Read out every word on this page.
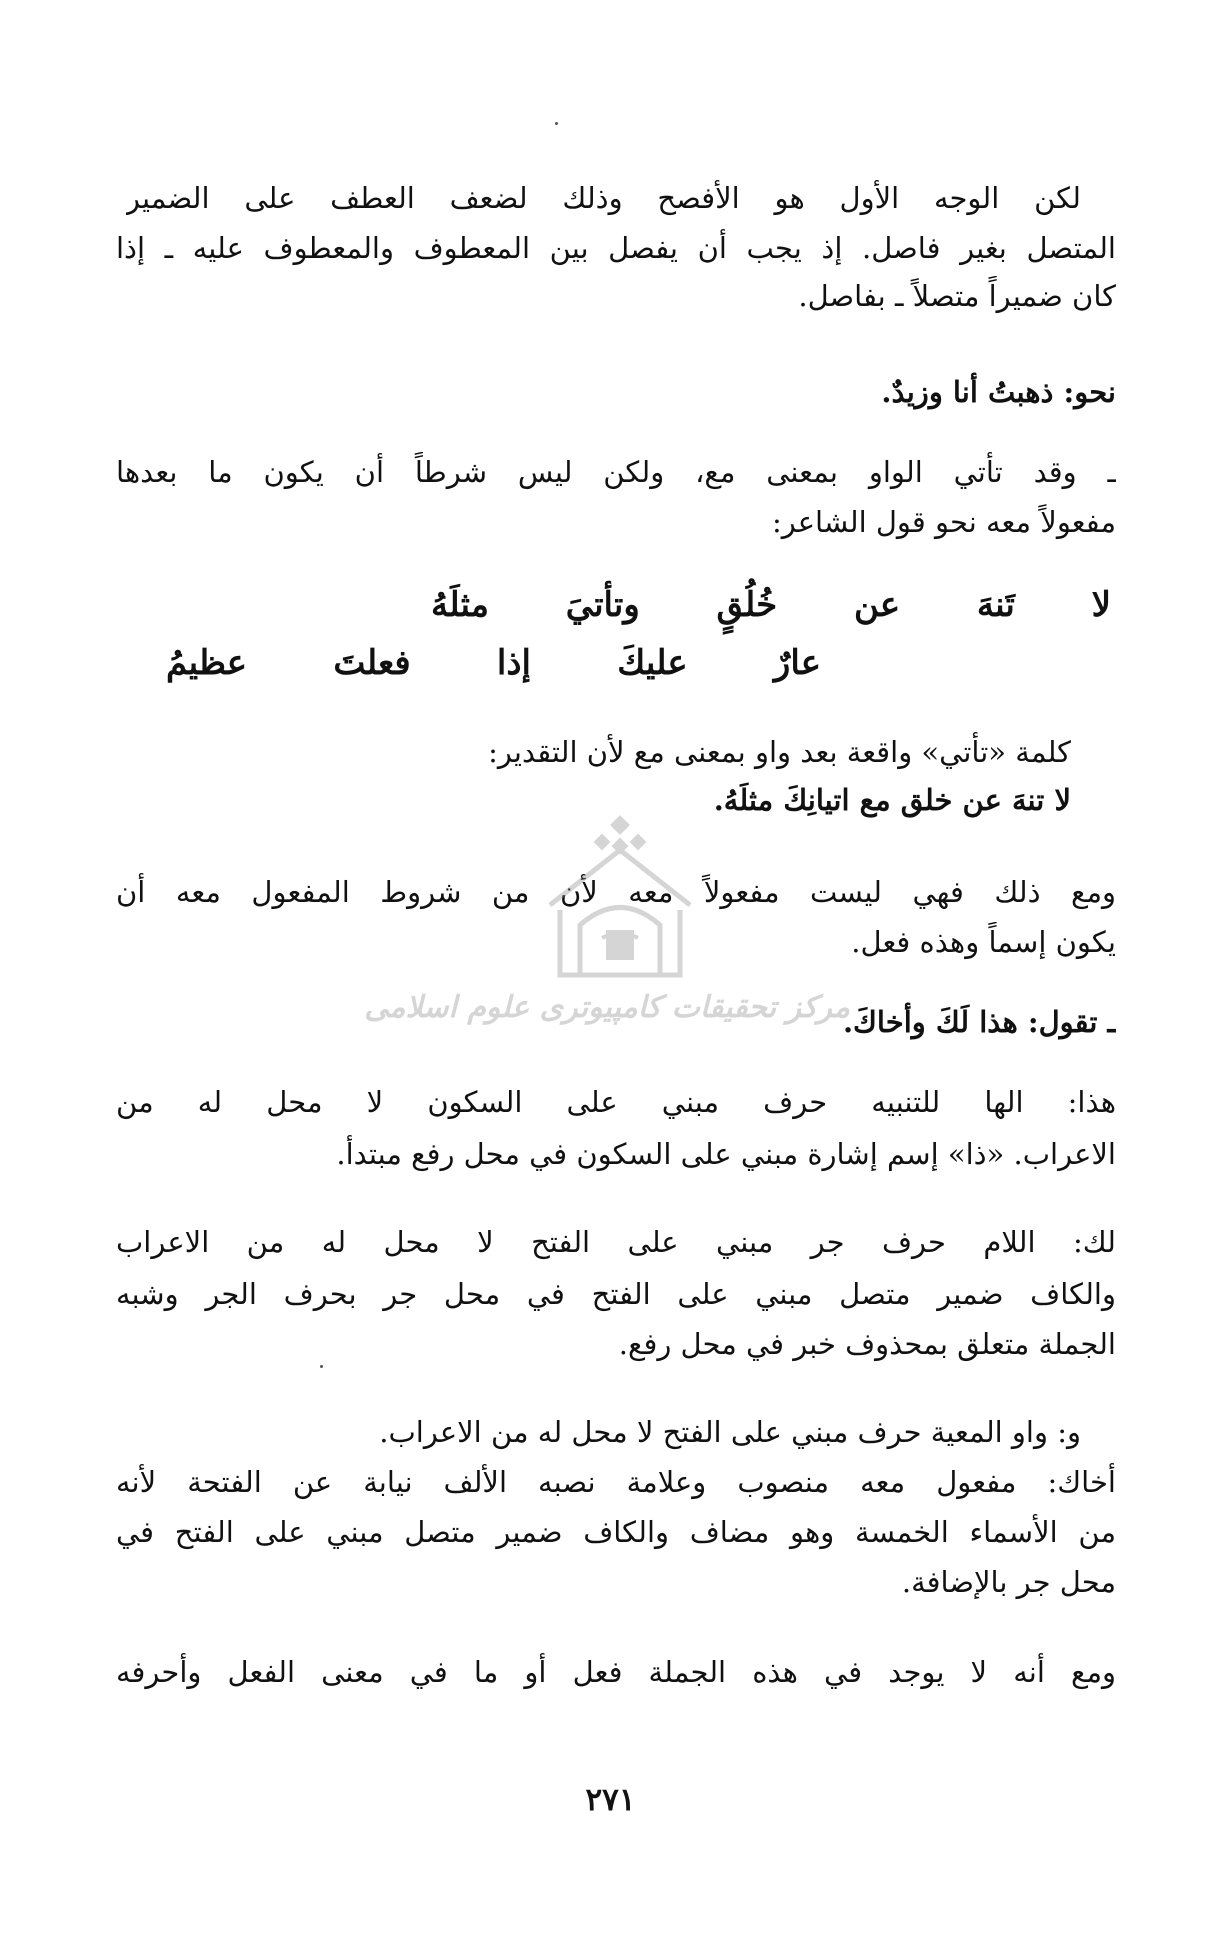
لكن الوجه الأول هو الأفصح وذلك لضعف العطف على الضمير
المتصل بغير فاصل. إذ يجب أن يفصل بين المعطوف والمعطوف عليه ـ إذا
كان ضميراً متصلاً ـ بفاصل.
نحو: ذهبتُ أنا وزيدٌ.
ـ وقد تأتي الواو بمعنى مع، ولكن ليس شرطاً أن يكون ما بعدها
مفعولاً معه نحو قول الشاعر:
لا تَنهَ عن خُلُقٍ وتأتيَ مثلَهُ
عارٌ عليكَ إذا فعلتَ عظيمُ
كلمة «تأتي» واقعة بعد واو بمعنى مع لأن التقدير:
لا تنهَ عن خلق مع اتيانِكَ مثلَهُ.
ومع ذلك فهي ليست مفعولاً معه لأن من شروط المفعول معه أن
يكون إسماً وهذه فعل.
ـ تقول: هذا لَكَ وأخاكَ.
هذا: الها للتنبيه حرف مبني على السكون لا محل له من
الاعراب. «ذا» إسم إشارة مبني على السكون في محل رفع مبتدأ.
لك: اللام حرف جر مبني على الفتح لا محل له من الاعراب
والكاف ضمير متصل مبني على الفتح في محل جر بحرف الجر وشبه
الجملة متعلق بمحذوف خبر في محل رفع.
و: واو المعية حرف مبني على الفتح لا محل له من الاعراب.
أخاك: مفعول معه منصوب وعلامة نصبه الألف نيابة عن الفتحة لأنه
من الأسماء الخمسة وهو مضاف والكاف ضمير متصل مبني على الفتح في
محل جر بالإضافة.
ومع أنه لا يوجد في هذه الجملة فعل أو ما في معنى الفعل وأحرفه
٢٧١
مركز تحقیقات کامپیوتری علوم اسلامی
